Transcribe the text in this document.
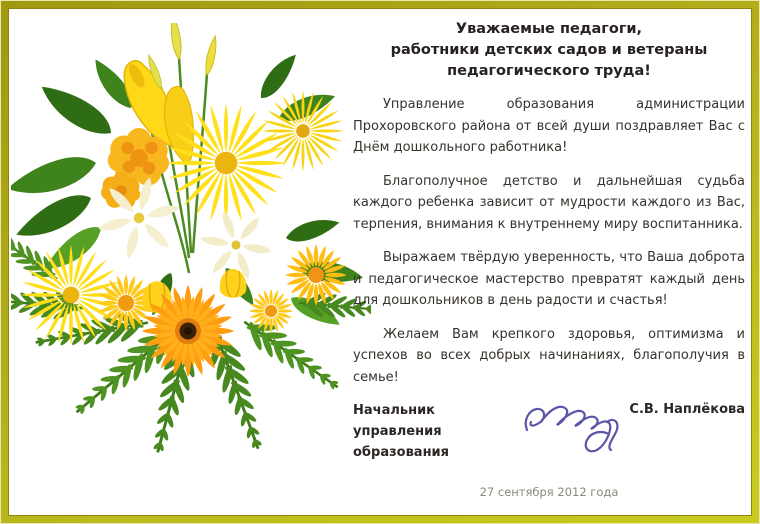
Уважаемые педагоги,
работники детских садов и ветераны
педагогического труда!

Управление образования администрации Прохоровского района от всей души поздравляет Вас с Днём дошкольного работника!

Благополучное детство и дальнейшая судьба каждого ребенка зависит от мудрости каждого из Вас, терпения, внимания к внутреннему миру воспитанника.

Выражаем твёрдую уверенность, что Ваша доброта и педагогическое мастерство превратят каждый день для дошкольников в день радости и счастья!

Желаем Вам крепкого здоровья, оптимизма и успехов во всех добрых начинаниях, благополучия в семье!

Начальник
управления образования
С.В. Наплёкова
27 сентября 2012 года
